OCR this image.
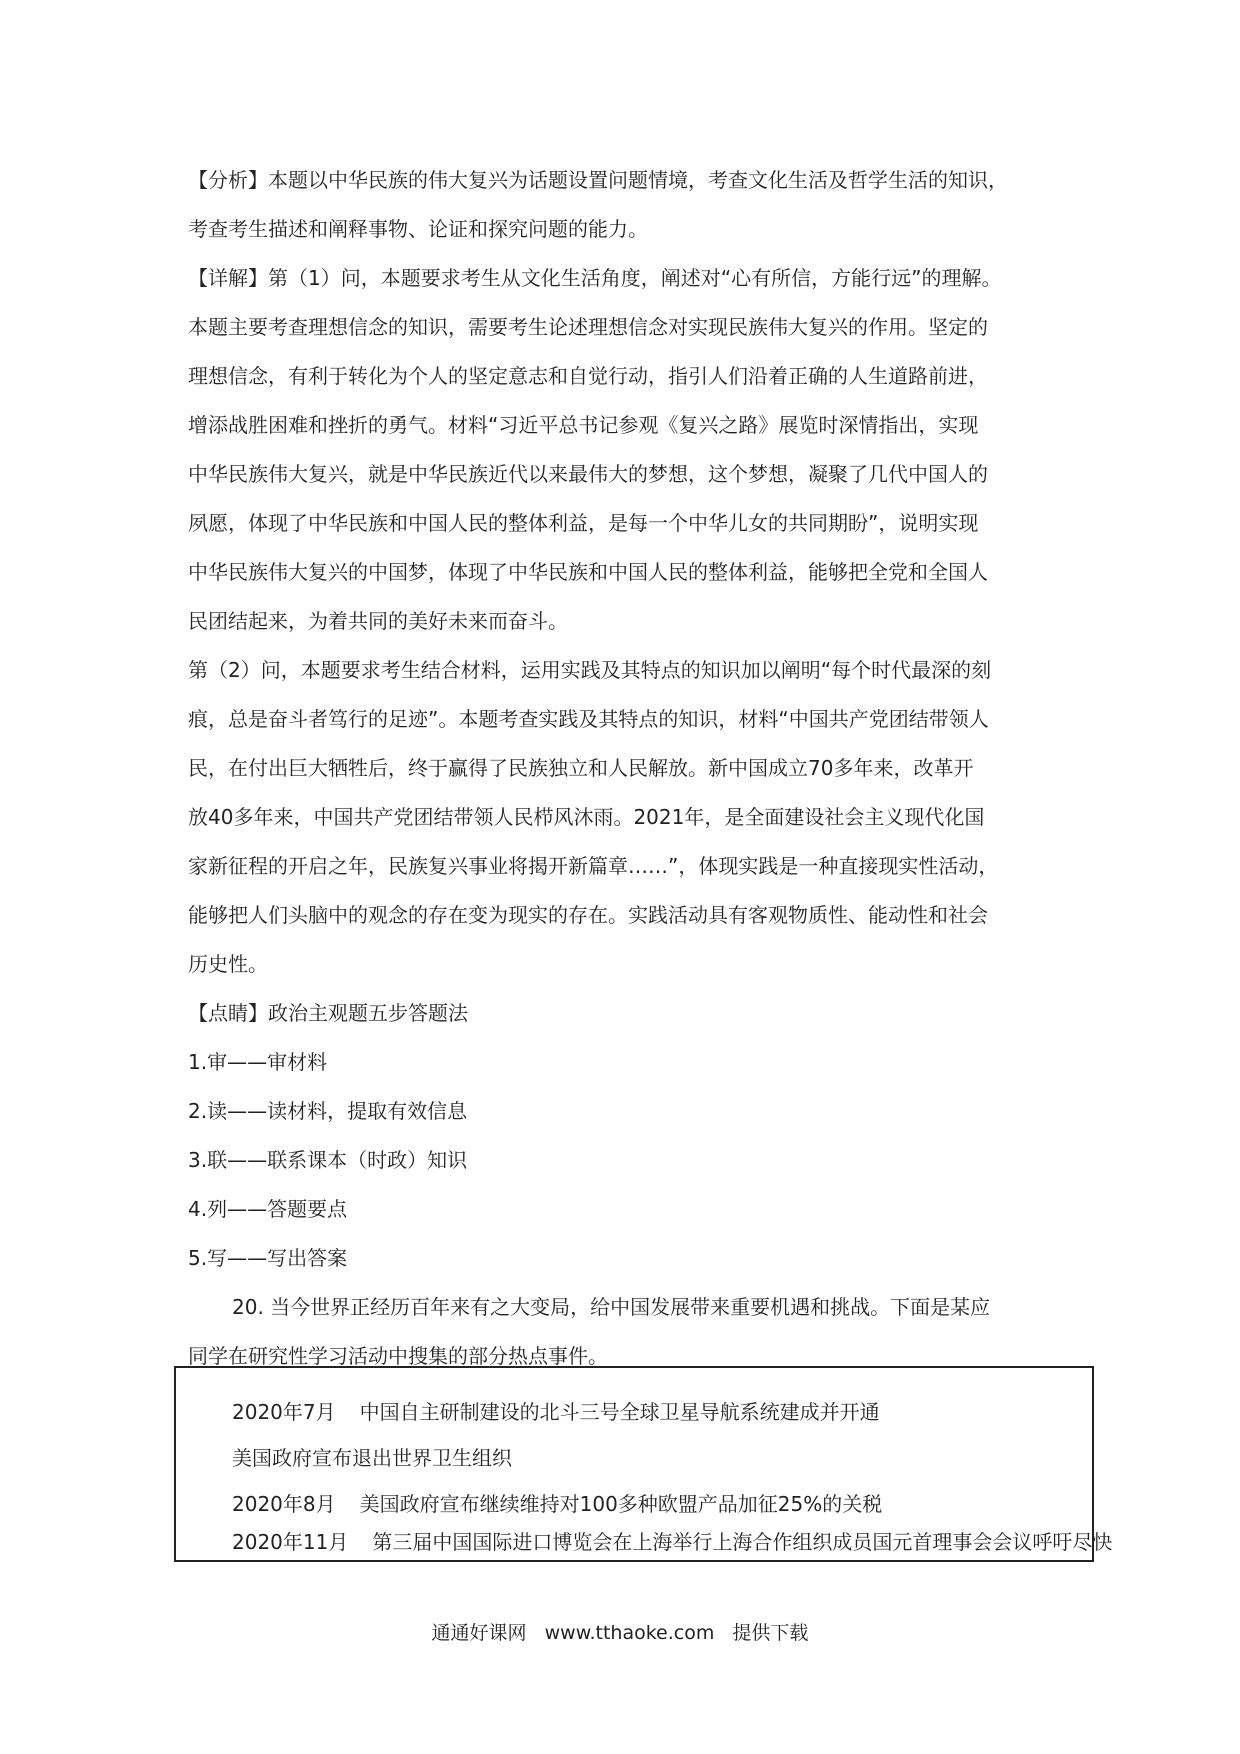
【分析】本题以中华民族的伟大复兴为话题设置问题情境，考查文化生活及哲学生活的知识，
考查考生描述和阐释事物、论证和探究问题的能力。
【详解】第（1）问，本题要求考生从文化生活角度，阐述对“心有所信，方能行远”的理解。
本题主要考查理想信念的知识，需要考生论述理想信念对实现民族伟大复兴的作用。坚定的
理想信念，有利于转化为个人的坚定意志和自觉行动，指引人们沿着正确的人生道路前进，
增添战胜困难和挫折的勇气。材料“习近平总书记参观《复兴之路》展览时深情指出，实现
中华民族伟大复兴，就是中华民族近代以来最伟大的梦想，这个梦想，凝聚了几代中国人的
夙愿，体现了中华民族和中国人民的整体利益，是每一个中华儿女的共同期盼”，说明实现
中华民族伟大复兴的中国梦，体现了中华民族和中国人民的整体利益，能够把全党和全国人
民团结起来，为着共同的美好未来而奋斗。
第（2）问，本题要求考生结合材料，运用实践及其特点的知识加以阐明“每个时代最深的刻
痕，总是奋斗者笃行的足迹”。本题考查实践及其特点的知识，材料“中国共产党团结带领人
民，在付出巨大牺牲后，终于赢得了民族独立和人民解放。新中国成立70多年来，改革开
放40多年来，中国共产党团结带领人民栉风沐雨。2021年，是全面建设社会主义现代化国
家新征程的开启之年，民族复兴事业将揭开新篇章……”，体现实践是一种直接现实性活动，
能够把人们头脑中的观念的存在变为现实的存在。实践活动具有客观物质性、能动性和社会
历史性。
【点睛】政治主观题五步答题法
1.审——审材料
2.读——读材料，提取有效信息
3.联——联系课本（时政）知识
4.列——答题要点
5.写——写出答案
20. 当今世界正经历百年来有之大变局，给中国发展带来重要机遇和挑战。下面是某应
同学在研究性学习活动中搜集的部分热点事件。
2020年7月 中国自主研制建设的北斗三号全球卫星导航系统建成并开通
美国政府宣布退出世界卫生组织
2020年8月 美国政府宣布继续维持对100多种欧盟产品加征25%的关税
2020年11月 第三届中国国际进口博览会在上海举行上海合作组织成员国元首理事会会议呼吁尽快
通通好课网 www.tthaoke.com 提供下载
